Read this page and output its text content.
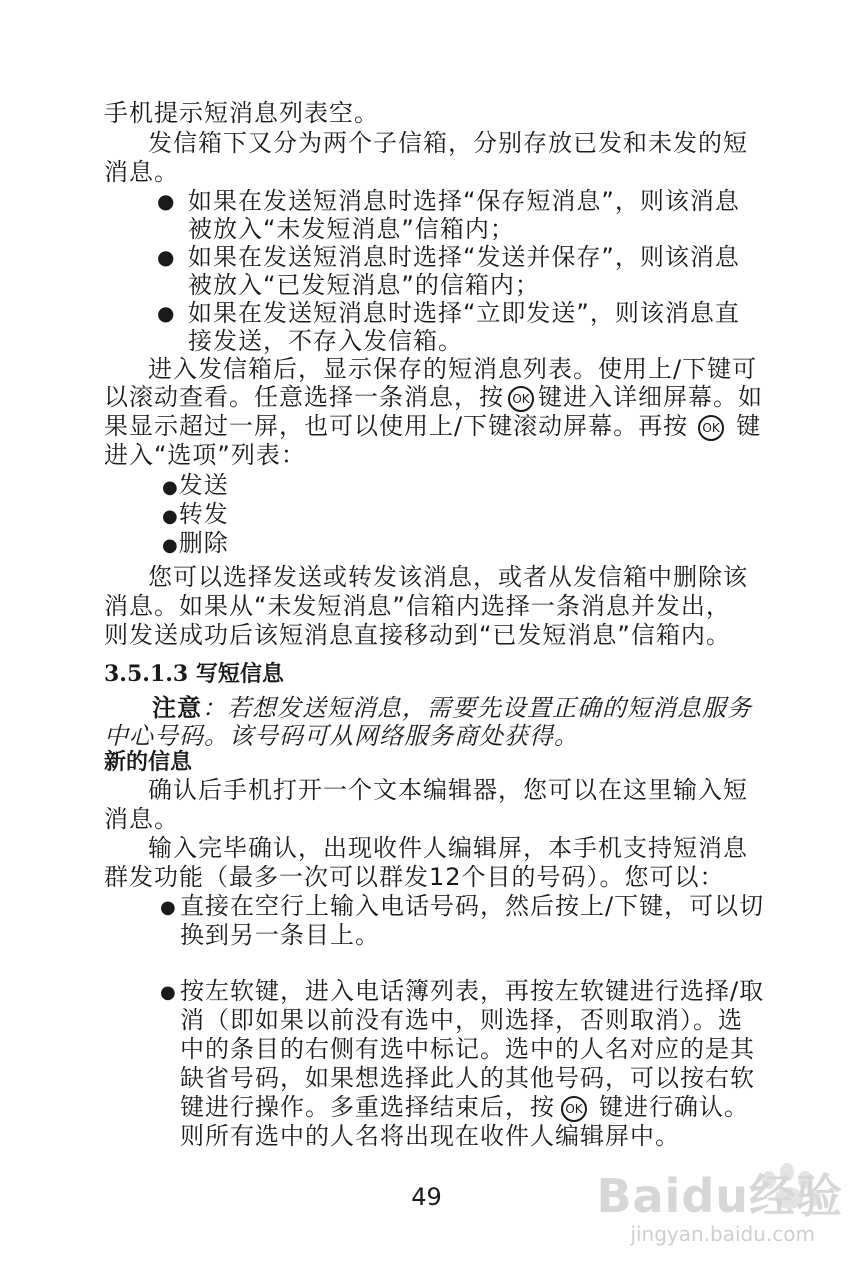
手机提示短消息列表空。
发信箱下又分为两个子信箱，分别存放已发和未发的短
消息。
● 如果在发送短消息时选择“保存短消息”，则该消息
被放入“未发短消息”信箱内；
● 如果在发送短消息时选择“发送并保存”，则该消息
被放入“已发短消息”的信箱内；
● 如果在发送短消息时选择“立即发送”，则该消息直
接发送，不存入发信箱。
进入发信箱后，显示保存的短消息列表。使用上/下键可
以滚动查看。任意选择一条消息，按 OK 键进入详细屏幕。如
果显示超过一屏，也可以使用上/下键滚动屏幕。再按 OK 键
进入“选项”列表：
●发送
●转发
●删除
您可以选择发送或转发该消息，或者从发信箱中删除该
消息。如果从“未发短消息”信箱内选择一条消息并发出，
则发送成功后该短消息直接移动到“已发短消息”信箱内。
3.5.1.3 写短信息
注意：若想发送短消息，需要先设置正确的短消息服务
中心号码。该号码可从网络服务商处获得。
新的信息
确认后手机打开一个文本编辑器，您可以在这里输入短
消息。
输入完毕确认，出现收件人编辑屏，本手机支持短消息
群发功能（最多一次可以群发12个目的号码）。您可以：
● 直接在空行上输入电话号码，然后按上/下键，可以切
换到另一条目上。
● 按左软键，进入电话簿列表，再按左软键进行选择/取
消（即如果以前没有选中，则选择，否则取消）。选
中的条目的右侧有选中标记。选中的人名对应的是其
缺省号码，如果想选择此人的其他号码，可以按右软
键进行操作。多重选择结束后，按 OK 键进行确认。
则所有选中的人名将出现在收件人编辑屏中。
49	Baidu经验
jingyan.baidu.com
